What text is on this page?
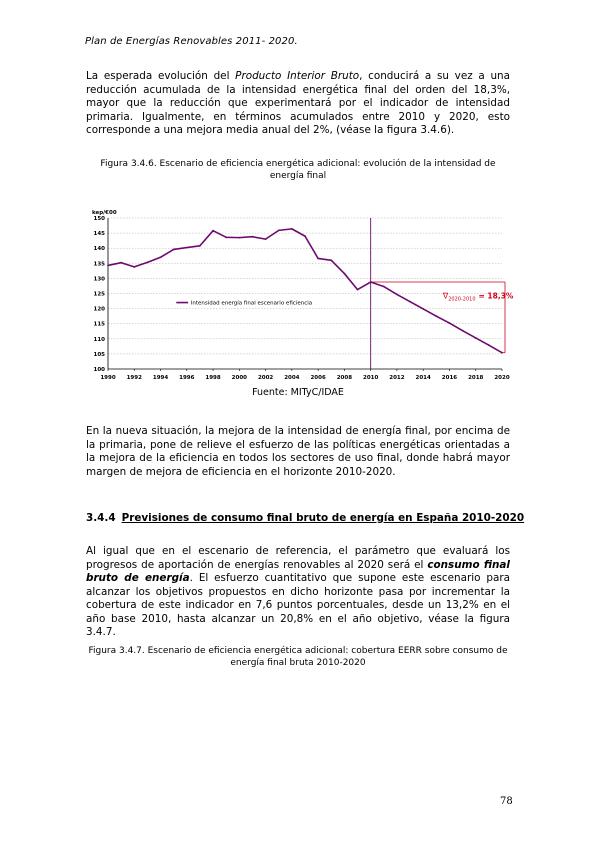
Plan de Energías Renovables 2011- 2020.

La esperada evolución del Producto Interior Bruto, conducirá a su vez a una reducción acumulada de la intensidad energética final del orden del 18,3%, mayor que la reducción que experimentará por el indicador de intensidad primaria. Igualmente, en términos acumulados entre 2010 y 2020, esto corresponde a una mejora media anual del 2%, (véase la figura 3.4.6).

Figura 3.4.6. Escenario de eficiencia energética adicional: evolución de la intensidad de energía final

100
105
110
115
120
125
130
135
140
145
150
1990 1992 1994 1996 1998 2000 2002 2004 2006 2008 2010 2012 2014 2016 2018 2020
kep/€00
Intensidad energía final escenario eficiencia
$\nabla_{2020-2010} = 18,3\%$
Fuente: MITyC/IDAE

En la nueva situación, la mejora de la intensidad de energía final, por encima de la primaria, pone de relieve el esfuerzo de las políticas energéticas orientadas a la mejora de la eficiencia en todos los sectores de uso final, donde habrá mayor margen de mejora de eficiencia en el horizonte 2010-2020.

3.4.4 Previsiones de consumo final bruto de energía en España 2010-2020

Al igual que en el escenario de referencia, el parámetro que evaluará los progresos de aportación de energías renovables al 2020 será el consumo final bruto de energía. El esfuerzo cuantitativo que supone este escenario para alcanzar los objetivos propuestos en dicho horizonte pasa por incrementar la cobertura de este indicador en 7,6 puntos porcentuales, desde un 13,2% en el año base 2010, hasta alcanzar un 20,8% en el año objetivo, véase la figura 3.4.7.

Figura 3.4.7. Escenario de eficiencia energética adicional: cobertura EERR sobre consumo de energía final bruta 2010-2020

78
